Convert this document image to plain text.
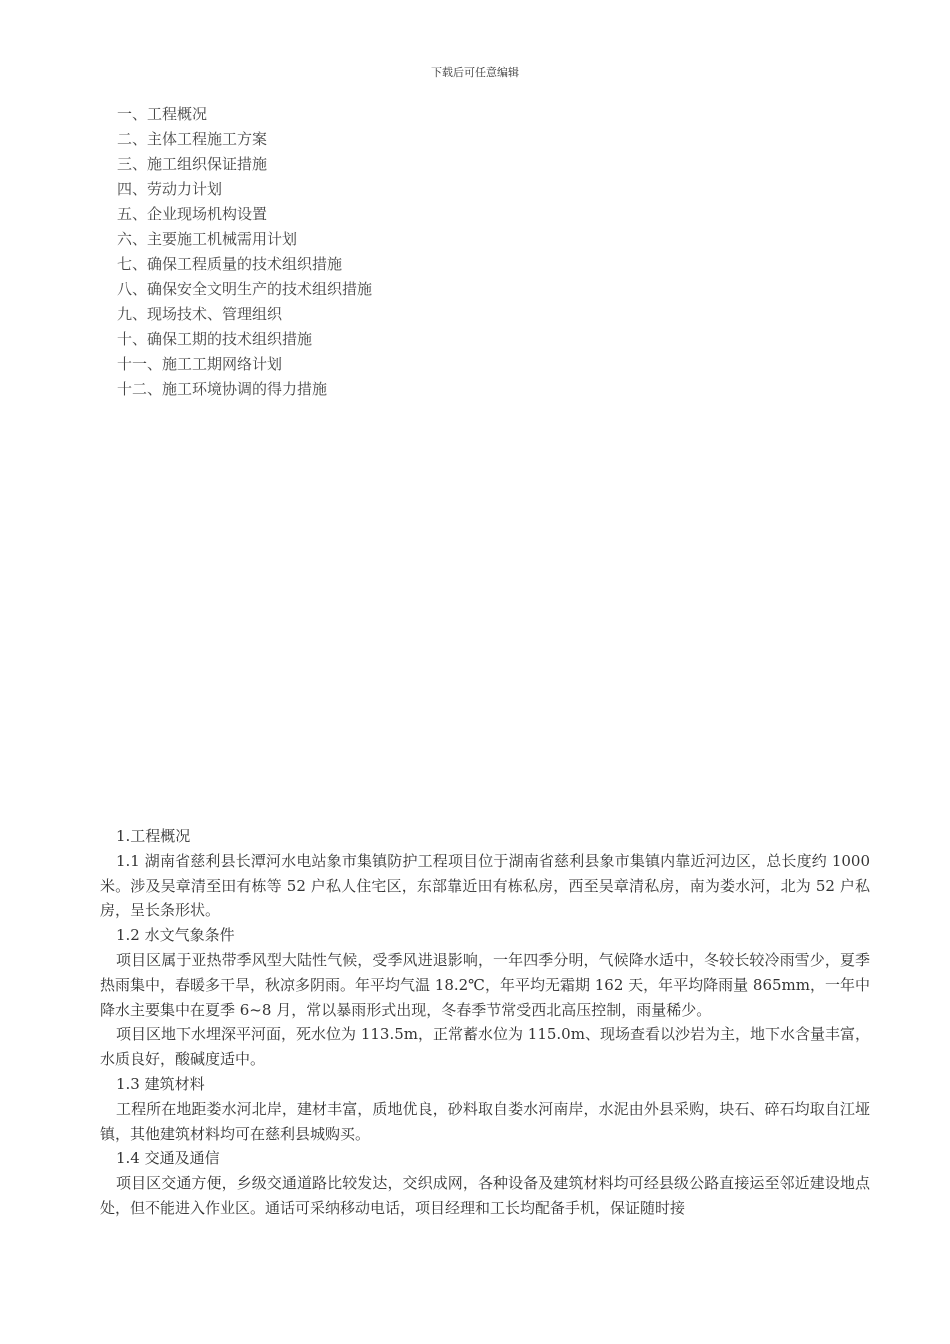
下载后可任意编辑
一、工程概况
二、主体工程施工方案
三、施工组织保证措施
四、劳动力计划
五、企业现场机构设置
六、主要施工机械需用计划
七、确保工程质量的技术组织措施
八、确保安全文明生产的技术组织措施
九、现场技术、管理组织
十、确保工期的技术组织措施
十一、施工工期网络计划
十二、施工环境协调的得力措施
1.工程概况

1.1 湖南省慈利县长潭河水电站象市集镇防护工程项目位于湖南省慈利县象市集镇内靠近河边区，总长度约 1000 米。涉及吴章清至田有栋等 52 户私人住宅区，东部靠近田有栋私房，西至吴章清私房，南为娄水河，北为 52 户私房，呈长条形状。

1.2 水文气象条件

项目区属于亚热带季风型大陆性气候，受季风进退影响，一年四季分明，气候降水适中，冬较长较冷雨雪少，夏季热雨集中，春暖多干旱，秋凉多阴雨。年平均气温 18.2℃，年平均无霜期 162 天，年平均降雨量 865mm，一年中降水主要集中在夏季 6~8 月，常以暴雨形式出现，冬春季节常受西北高压控制，雨量稀少。

项目区地下水埋深平河面，死水位为 113.5m，正常蓄水位为 115.0m、现场查看以沙岩为主，地下水含量丰富，水质良好，酸碱度适中。

1.3 建筑材料

工程所在地距娄水河北岸，建材丰富，质地优良，砂料取自娄水河南岸，水泥由外县采购，块石、碎石均取自江垭镇，其他建筑材料均可在慈利县城购买。

1.4 交通及通信

项目区交通方便，乡级交通道路比较发达，交织成网，各种设备及建筑材料均可经县级公路直接运至邻近建设地点处，但不能进入作业区。通话可采纳移动电话，项目经理和工长均配备手机，保证随时接
